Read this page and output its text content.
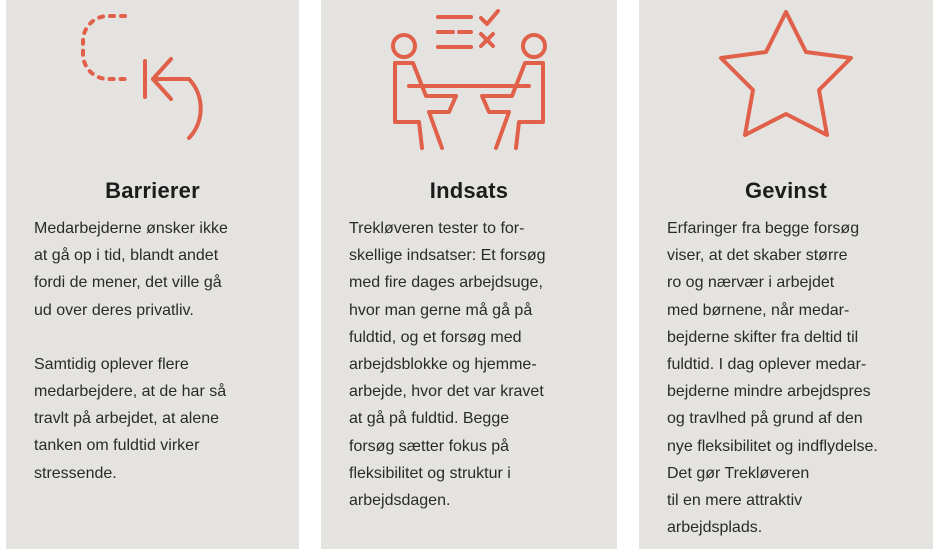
Barrierer
Medarbejderne ønsker ikke
at gå op i tid, blandt andet
fordi de mener, det ville gå
ud over deres privatliv.
Samtidig oplever flere
medarbejdere, at de har så
travlt på arbejdet, at alene
tanken om fuldtid virker
stressende.
Indsats
Trekløveren tester to for-
skellige indsatser: Et forsøg
med fire dages arbejdsuge,
hvor man gerne må gå på
fuldtid, og et forsøg med
arbejdsblokke og hjemme-
arbejde, hvor det var kravet
at gå på fuldtid. Begge
forsøg sætter fokus på
fleksibilitet og struktur i
arbejdsdagen.
Gevinst
Erfaringer fra begge forsøg
viser, at det skaber større
ro og nærvær i arbejdet
med børnene, når medar-
bejderne skifter fra deltid til
fuldtid. I dag oplever medar-
bejderne mindre arbejdspres
og travlhed på grund af den
nye fleksibilitet og indflydelse.
Det gør Trekløveren
til en mere attraktiv
arbejdsplads.
